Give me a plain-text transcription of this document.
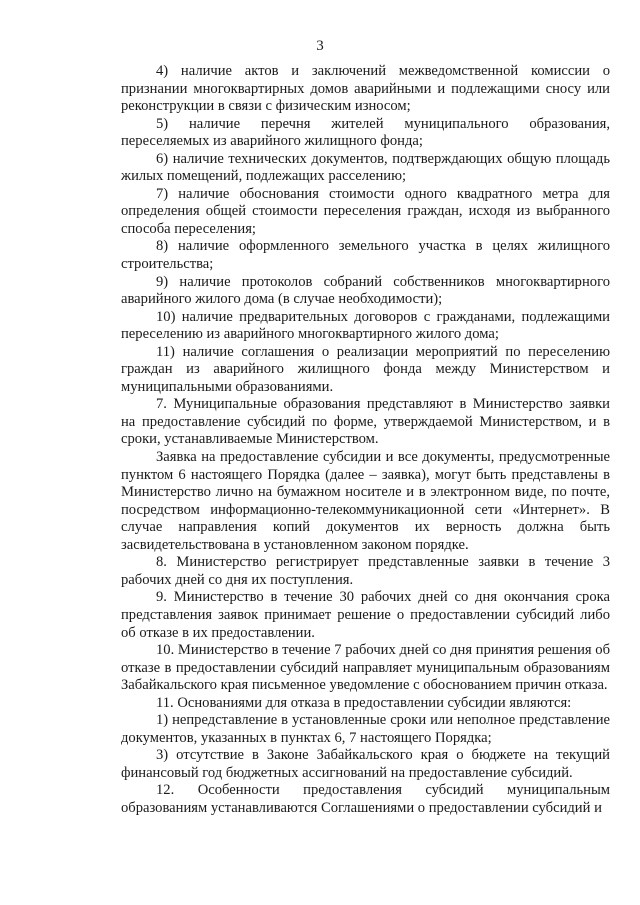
3

4) наличие актов и заключений межведомственной комиссии о признании многоквартирных домов аварийными и подлежащими сносу или реконструкции в связи с физическим износом;

5) наличие перечня жителей муниципального образования, переселяемых из аварийного жилищного фонда;

6) наличие технических документов, подтверждающих общую площадь жилых помещений, подлежащих расселению;

7) наличие обоснования стоимости одного квадратного метра для определения общей стоимости переселения граждан, исходя из выбранного способа переселения;

8) наличие оформленного земельного участка в целях жилищного строительства;

9) наличие протоколов собраний собственников многоквартирного аварийного жилого дома (в случае необходимости);

10) наличие предварительных договоров с гражданами, подлежащими переселению из аварийного многоквартирного жилого дома;

11) наличие соглашения о реализации мероприятий по переселению граждан из аварийного жилищного фонда между Министерством и муниципальными образованиями.

7. Муниципальные образования представляют в Министерство заявки на предоставление субсидий по форме, утверждаемой Министерством, и в сроки, устанавливаемые Министерством.

Заявка на предоставление субсидии и все документы, предусмотренные пунктом 6 настоящего Порядка (далее – заявка), могут быть представлены в Министерство лично на бумажном носителе и в электронном виде, по почте, посредством информационно-телекоммуникационной сети «Интернет». В случае направления копий документов их верность должна быть засвидетельствована в установленном законом порядке.

8. Министерство регистрирует представленные заявки в течение 3 рабочих дней со дня их поступления.

9. Министерство в течение 30 рабочих дней со дня окончания срока представления заявок принимает решение о предоставлении субсидий либо об отказе в их предоставлении.

10. Министерство в течение 7 рабочих дней со дня принятия решения об отказе в предоставлении субсидий направляет муниципальным образованиям Забайкальского края письменное уведомление с обоснованием причин отказа.

11. Основаниями для отказа в предоставлении субсидии являются:

1) непредставление в установленные сроки или неполное представление документов, указанных в пунктах 6, 7 настоящего Порядка;

3) отсутствие в Законе Забайкальского края о бюджете на текущий финансовый год бюджетных ассигнований на предоставление субсидий.

12. Особенности предоставления субсидий муниципальным образованиям устанавливаются Соглашениями о предоставлении субсидий и
